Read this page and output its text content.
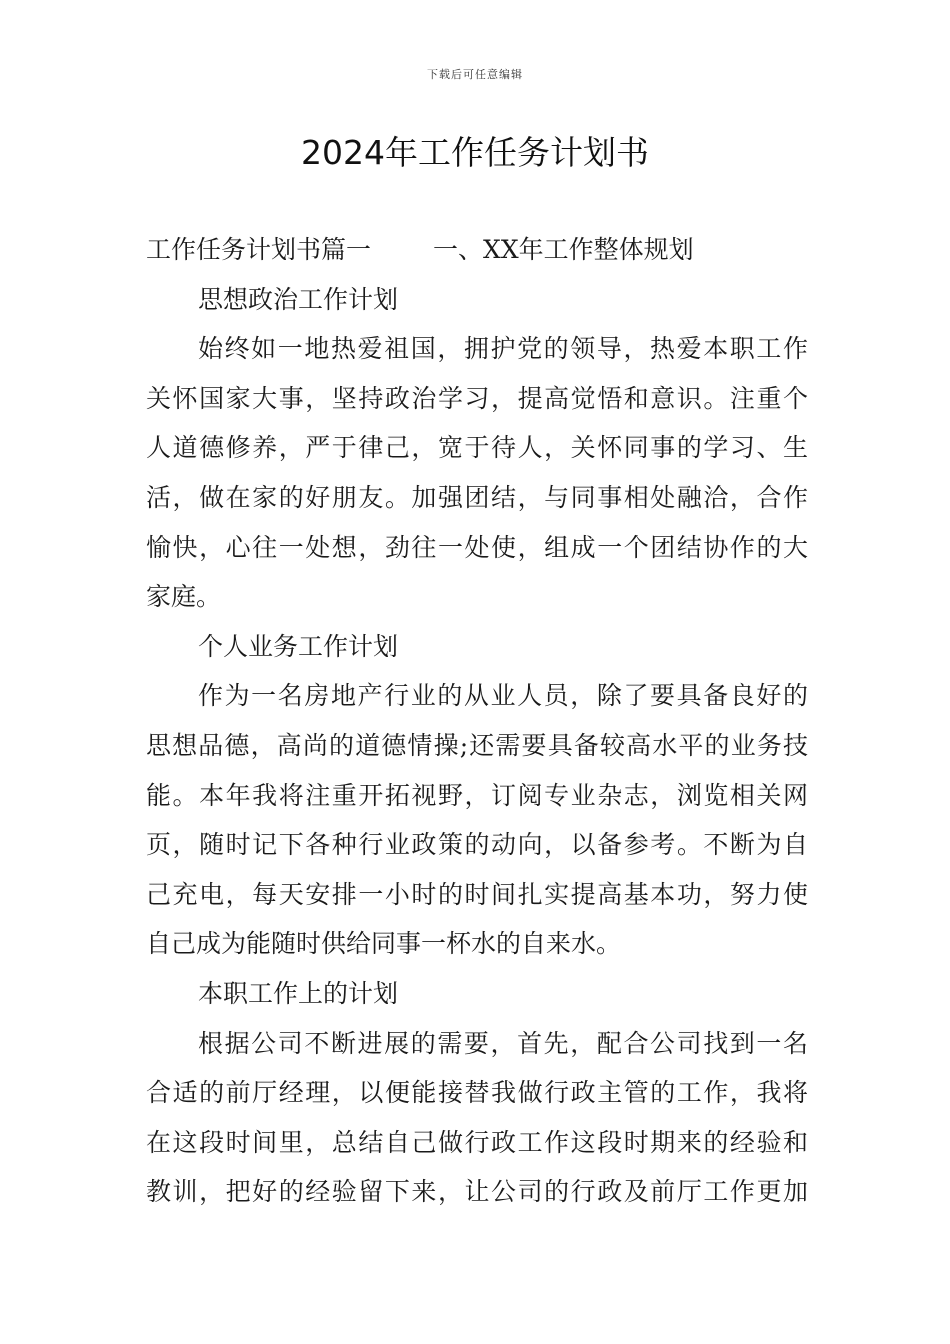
下载后可任意编辑
2024年工作任务计划书
工作任务计划书篇一 一、XX年工作整体规划
思想政治工作计划
始终如一地热爱祖国，拥护党的领导，热爱本职工作
关怀国家大事，坚持政治学习，提高觉悟和意识。注重个
人道德修养，严于律己，宽于待人，关怀同事的学习、生
活，做在家的好朋友。加强团结，与同事相处融洽，合作
愉快，心往一处想，劲往一处使，组成一个团结协作的大
家庭。
个人业务工作计划
作为一名房地产行业的从业人员，除了要具备良好的
思想品德，高尚的道德情操;还需要具备较高水平的业务技
能。本年我将注重开拓视野，订阅专业杂志，浏览相关网
页，随时记下各种行业政策的动向，以备参考。不断为自
己充电，每天安排一小时的时间扎实提高基本功，努力使
自己成为能随时供给同事一杯水的自来水。
本职工作上的计划
根据公司不断进展的需要，首先，配合公司找到一名
合适的前厅经理，以便能接替我做行政主管的工作，我将
在这段时间里，总结自己做行政工作这段时期来的经验和
教训，把好的经验留下来，让公司的行政及前厅工作更加
